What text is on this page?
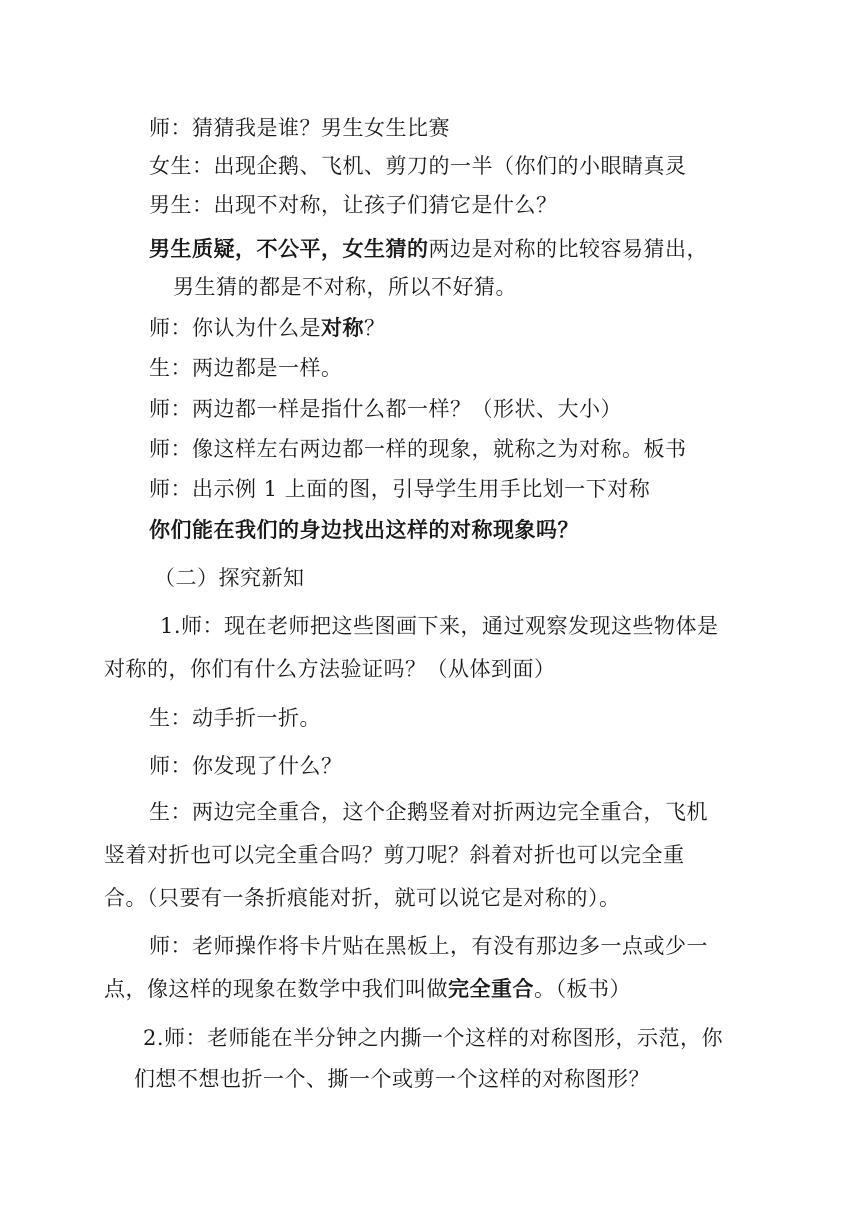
师：猜猜我是谁？男生女生比赛
女生：出现企鹅、飞机、剪刀的一半（你们的小眼睛真灵
男生：出现不对称，让孩子们猜它是什么？
男生质疑，不公平，女生猜的两边是对称的比较容易猜出，
男生猜的都是不对称，所以不好猜。
师：你认为什么是对称？
生：两边都是一样。
师：两边都一样是指什么都一样？（形状、大小）
师：像这样左右两边都一样的现象，就称之为对称。板书
师：出示例 1 上面的图，引导学生用手比划一下对称
你们能在我们的身边找出这样的对称现象吗？
（二）探究新知
1.师：现在老师把这些图画下来，通过观察发现这些物体是
对称的，你们有什么方法验证吗？（从体到面）
生：动手折一折。
师：你发现了什么？
生：两边完全重合，这个企鹅竖着对折两边完全重合，飞机
竖着对折也可以完全重合吗？剪刀呢？斜着对折也可以完全重
合。（只要有一条折痕能对折，就可以说它是对称的）。
师：老师操作将卡片贴在黑板上，有没有那边多一点或少一
点，像这样的现象在数学中我们叫做完全重合。（板书）
2.师：老师能在半分钟之内撕一个这样的对称图形，示范，你
们想不想也折一个、撕一个或剪一个这样的对称图形？
